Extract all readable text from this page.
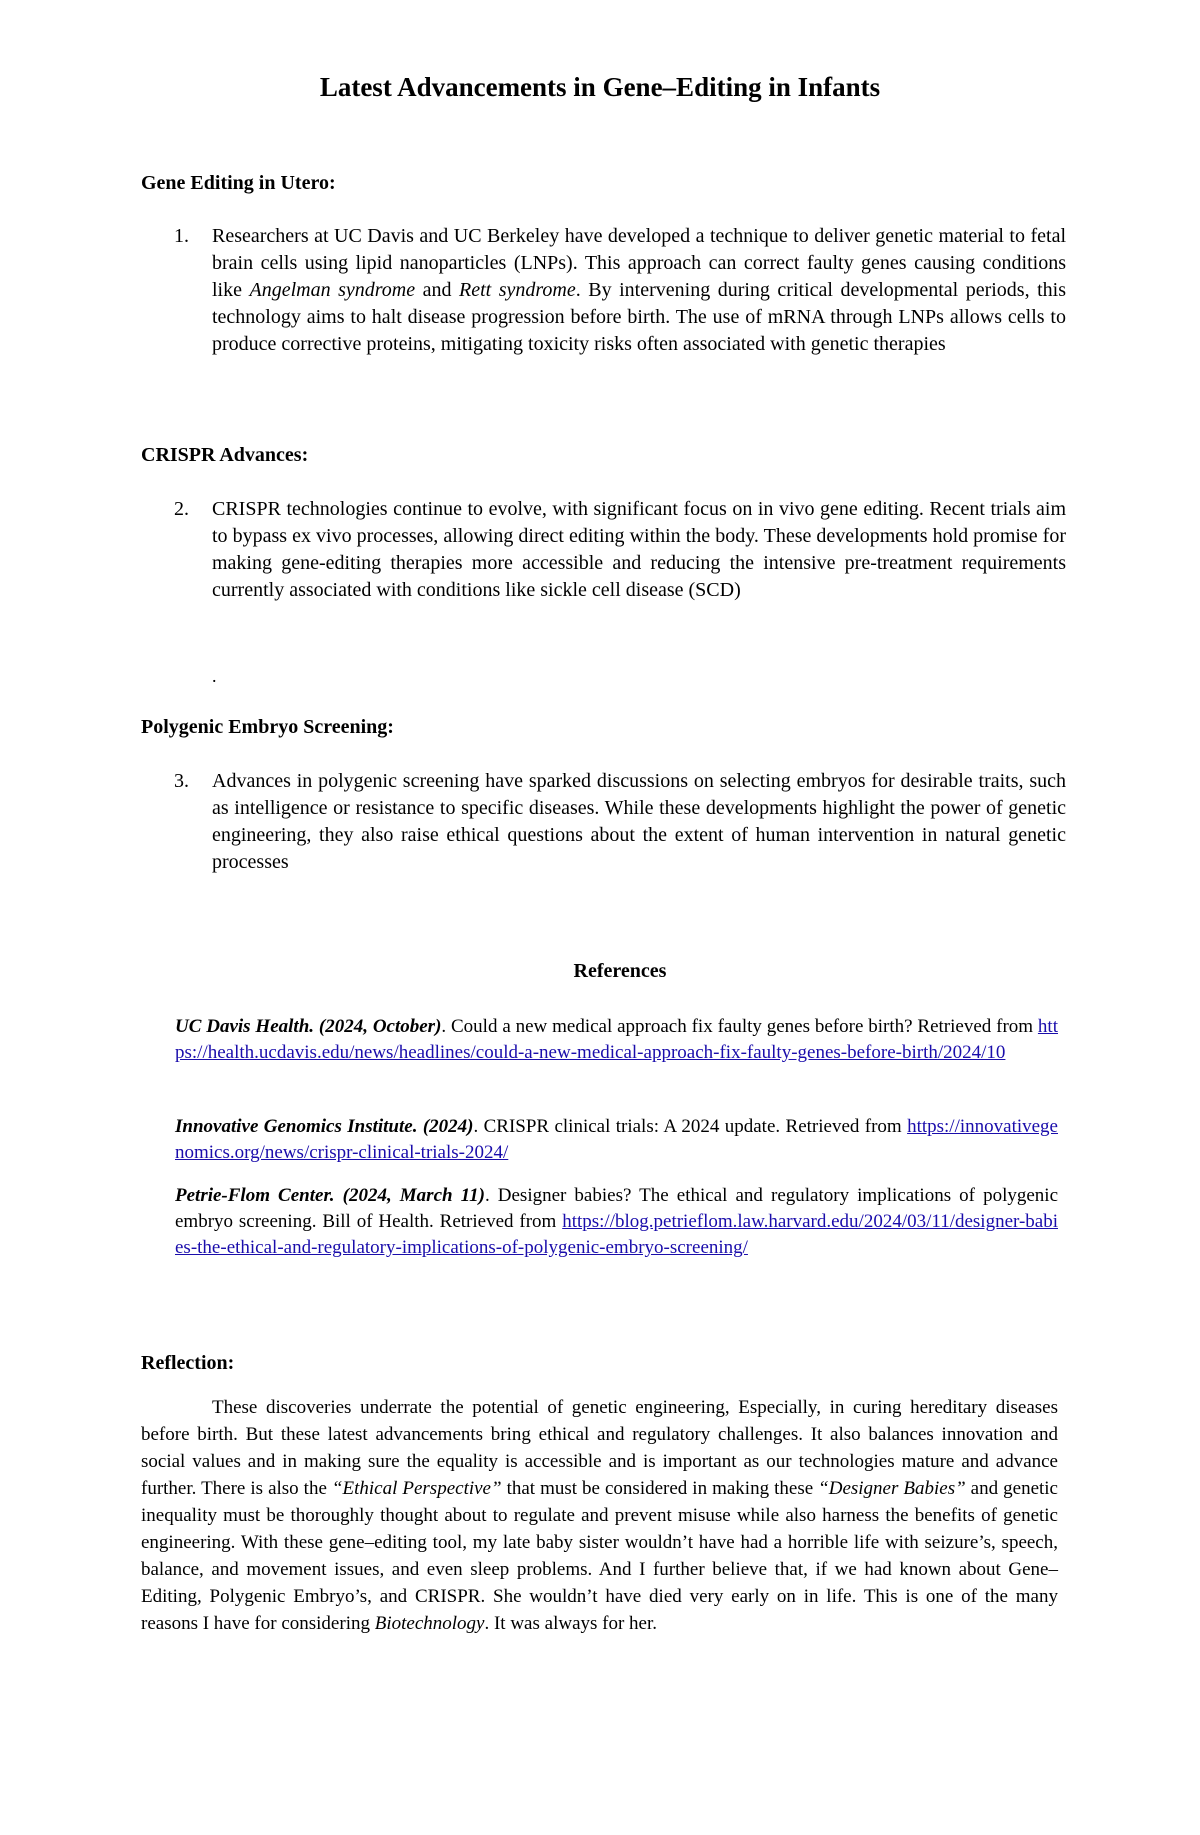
Latest Advancements in Gene–Editing in Infants
Gene Editing in Utero:
1. Researchers at UC Davis and UC Berkeley have developed a technique to deliver genetic material to fetal brain cells using lipid nanoparticles (LNPs). This approach can correct faulty genes causing conditions like Angelman syndrome and Rett syndrome. By intervening during critical developmental periods, this technology aims to halt disease progression before birth. The use of mRNA through LNPs allows cells to produce corrective proteins, mitigating toxicity risks often associated with genetic therapies
CRISPR Advances:
2. CRISPR technologies continue to evolve, with significant focus on in vivo gene editing. Recent trials aim to bypass ex vivo processes, allowing direct editing within the body. These developments hold promise for making gene-editing therapies more accessible and reducing the intensive pre-treatment requirements currently associated with conditions like sickle cell disease (SCD)
.
Polygenic Embryo Screening:
3. Advances in polygenic screening have sparked discussions on selecting embryos for desirable traits, such as intelligence or resistance to specific diseases. While these developments highlight the power of genetic engineering, they also raise ethical questions about the extent of human intervention in natural genetic processes
References
UC Davis Health. (2024, October). Could a new medical approach fix faulty genes before birth? Retrieved from https://health.ucdavis.edu/news/headlines/could-a-new-medical-approach-fix-faulty-genes-before-birth/2024/10
Innovative Genomics Institute. (2024). CRISPR clinical trials: A 2024 update. Retrieved from https://innovativegenomics.org/news/crispr-clinical-trials-2024/
Petrie-Flom Center. (2024, March 11). Designer babies? The ethical and regulatory implications of polygenic embryo screening. Bill of Health. Retrieved from https://blog.petrieflom.law.harvard.edu/2024/03/11/designer-babies-the-ethical-and-regulatory-implications-of-polygenic-embryo-screening/
Reflection:
These discoveries underrate the potential of genetic engineering, Especially, in curing hereditary diseases before birth. But these latest advancements bring ethical and regulatory challenges. It also balances innovation and social values and in making sure the equality is accessible and is important as our technologies mature and advance further. There is also the “Ethical Perspective” that must be considered in making these “Designer Babies” and genetic inequality must be thoroughly thought about to regulate and prevent misuse while also harness the benefits of genetic engineering. With these gene–editing tool, my late baby sister wouldn’t have had a horrible life with seizure’s, speech, balance, and movement issues, and even sleep problems. And I further believe that, if we had known about Gene–Editing, Polygenic Embryo’s, and CRISPR. She wouldn’t have died very early on in life. This is one of the many reasons I have for considering Biotechnology. It was always for her.
